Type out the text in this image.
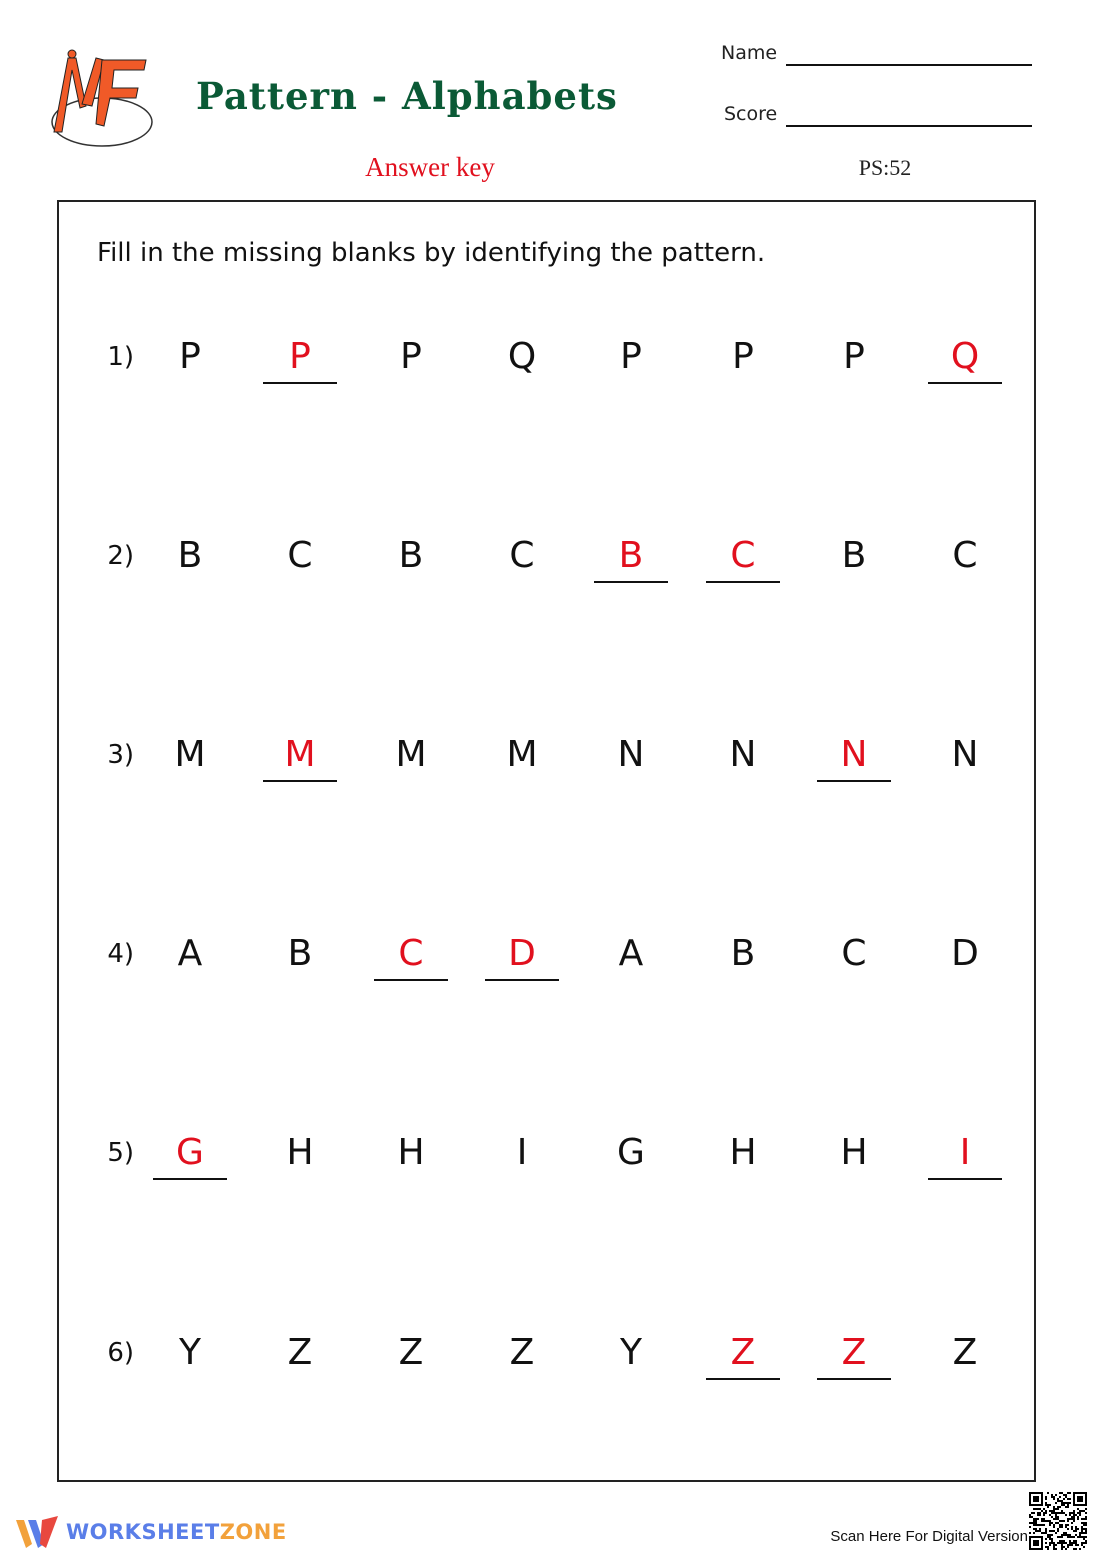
MF
Pattern - Alphabets
Name
Score
Answer key	PS:52
Fill in the missing blanks by identifying the pattern.
1)	P	P	P	Q	P	P	P	Q
2)	B	C	B	C	B	C	B	C
3)	M	M	M	M	N	N	N	N
4)	A	B	C	D	A	B	C	D
5)	G	H	H	I	G	H	H	I
6)	Y	Z	Z	Z	Y	Z	Z	Z
WORKSHEETZONE	Scan Here For Digital Version
